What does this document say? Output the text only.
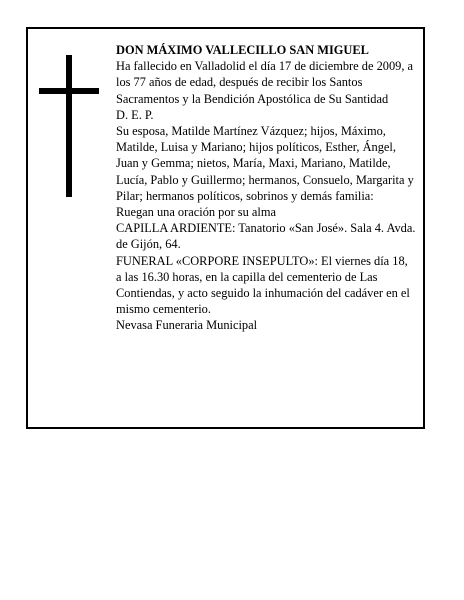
DON MÁXIMO VALLECILLO SAN MIGUEL

Ha fallecido en Valladolid el día 17 de diciembre de 2009, a los 77 años de edad, después de recibir los Santos Sacramentos y la Bendición Apostólica de Su Santidad

D. E. P.

Su esposa, Matilde Martínez Vázquez; hijos, Máximo, Matilde, Luisa y Mariano; hijos políticos, Esther, Ángel, Juan y Gemma; nietos, María, Maxi, Mariano, Matilde, Lucía, Pablo y Guillermo; hermanos, Consuelo, Margarita y Pilar; hermanos políticos, sobrinos y demás familia:

Ruegan una oración por su alma

CAPILLA ARDIENTE: Tanatorio «San José». Sala 4. Avda. de Gijón, 64.

FUNERAL «CORPORE INSEPULTO»: El viernes día 18, a las 16.30 horas, en la capilla del cementerio de Las Contiendas, y acto seguido la inhumación del cadáver en el mismo cementerio.

Nevasa Funeraria Municipal
